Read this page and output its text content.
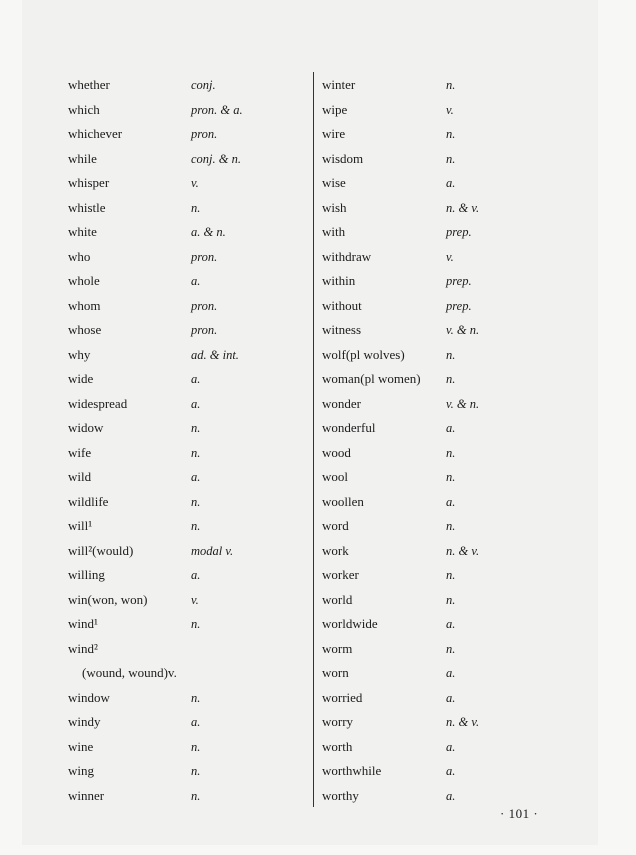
whether	conj.
which	pron. & a.
whichever	pron.
while	conj. & n.
whisper	v.
whistle	n.
white	a. & n.
who	pron.
whole	a.
whom	pron.
whose	pron.
why	ad. & int.
wide	a.
widespread	a.
widow	n.
wife	n.
wild	a.
wildlife	n.
will¹	n.
will²(would)	modal v.
willing	a.
win(won, won)	v.
wind¹	n.
wind²
(wound, wound)v.
window	n.
windy	a.
wine	n.
wing	n.
winner	n.
winter	n.
wipe	v.
wire	n.
wisdom	n.
wise	a.
wish	n. & v.
with	prep.
withdraw	v.
within	prep.
without	prep.
witness	v. & n.
wolf(pl wolves)	n.
woman(pl women) n.
wonder	v. & n.
wonderful	a.
wood	n.
wool	n.
woollen	a.
word	n.
work	n. & v.
worker	n.
world	n.
worldwide	a.
worm	n.
worn	a.
worried	a.
worry	n. & v.
worth	a.
worthwhile	a.
worthy	a.
· 101 ·
